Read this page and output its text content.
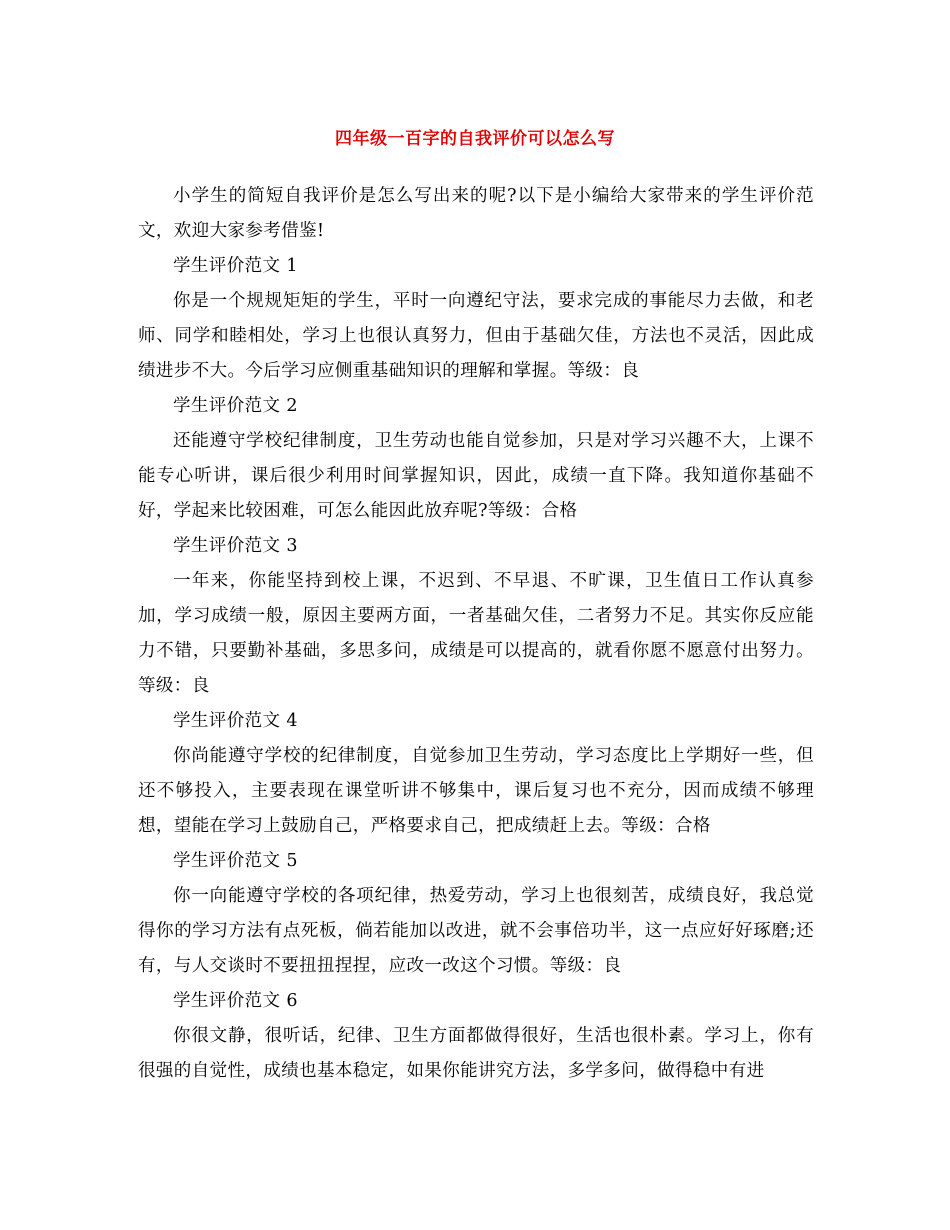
四年级一百字的自我评价可以怎么写

小学生的简短自我评价是怎么写出来的呢?以下是小编给大家带来的学生评价范文，欢迎大家参考借鉴!

学生评价范文 1

你是一个规规矩矩的学生，平时一向遵纪守法，要求完成的事能尽力去做，和老师、同学和睦相处，学习上也很认真努力，但由于基础欠佳，方法也不灵活，因此成绩进步不大。今后学习应侧重基础知识的理解和掌握。等级：良

学生评价范文 2

还能遵守学校纪律制度，卫生劳动也能自觉参加，只是对学习兴趣不大，上课不能专心听讲，课后很少利用时间掌握知识，因此，成绩一直下降。我知道你基础不好，学起来比较困难，可怎么能因此放弃呢?等级：合格

学生评价范文 3

一年来，你能坚持到校上课，不迟到、不早退、不旷课，卫生值日工作认真参加，学习成绩一般，原因主要两方面，一者基础欠佳，二者努力不足。其实你反应能力不错，只要勤补基础，多思多问，成绩是可以提高的，就看你愿不愿意付出努力。等级：良

学生评价范文 4

你尚能遵守学校的纪律制度，自觉参加卫生劳动，学习态度比上学期好一些，但还不够投入，主要表现在课堂听讲不够集中，课后复习也不充分，因而成绩不够理想，望能在学习上鼓励自己，严格要求自己，把成绩赶上去。等级：合格

学生评价范文 5

你一向能遵守学校的各项纪律，热爱劳动，学习上也很刻苦，成绩良好，我总觉得你的学习方法有点死板，倘若能加以改进，就不会事倍功半，这一点应好好琢磨;还有，与人交谈时不要扭扭捏捏，应改一改这个习惯。等级：良

学生评价范文 6

你很文静，很听话，纪律、卫生方面都做得很好，生活也很朴素。学习上，你有很强的自觉性，成绩也基本稳定，如果你能讲究方法，多学多问，做得稳中有进
